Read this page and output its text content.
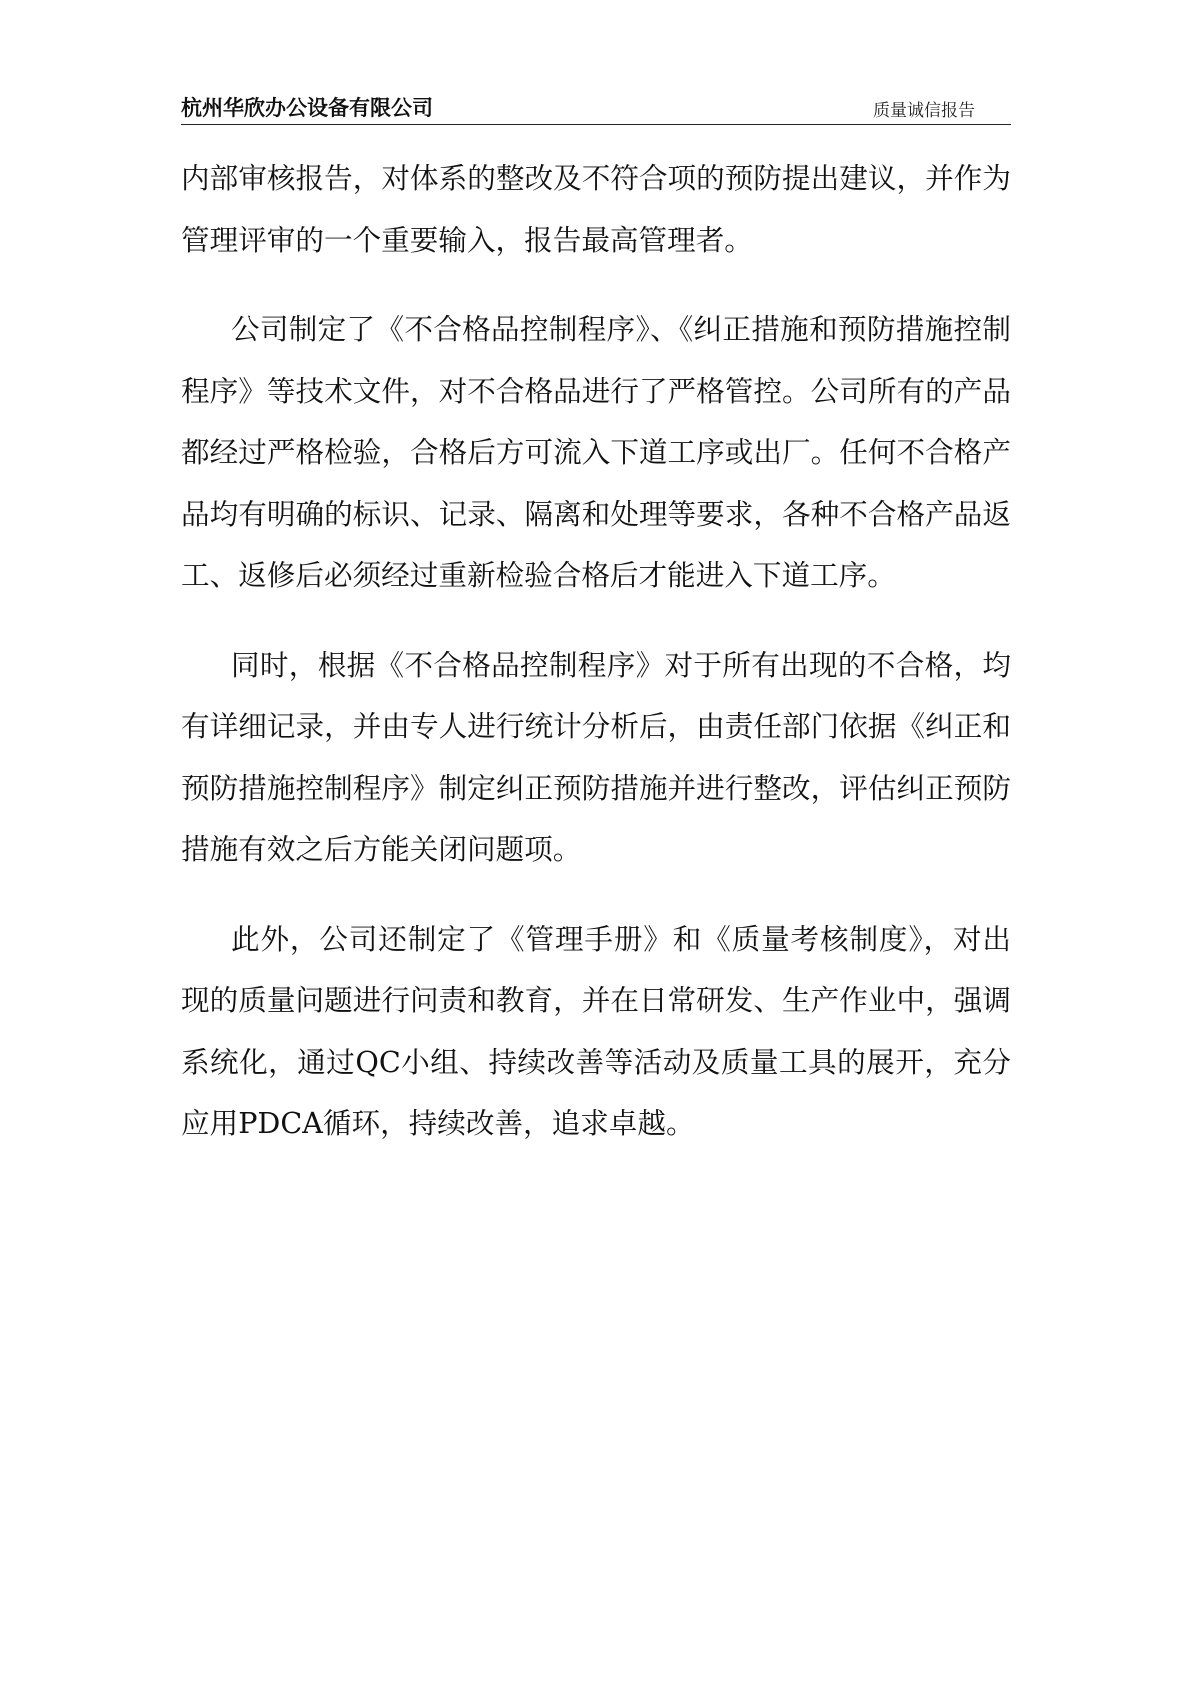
杭州华欣办公设备有限公司	质量诚信报告

内部审核报告，对体系的整改及不符合项的预防提出建议，并作为管理评审的一个重要输入，报告最高管理者。

公司制定了《不合格品控制程序》、《纠正措施和预防措施控制程序》等技术文件，对不合格品进行了严格管控。公司所有的产品都经过严格检验，合格后方可流入下道工序或出厂。任何不合格产品均有明确的标识、记录、隔离和处理等要求，各种不合格产品返工、返修后必须经过重新检验合格后才能进入下道工序。

同时，根据《不合格品控制程序》对于所有出现的不合格，均有详细记录，并由专人进行统计分析后，由责任部门依据《纠正和预防措施控制程序》制定纠正预防措施并进行整改，评估纠正预防措施有效之后方能关闭问题项。

此外，公司还制定了《管理手册》和《质量考核制度》，对出现的质量问题进行问责和教育，并在日常研发、生产作业中，强调系统化，通过QC小组、持续改善等活动及质量工具的展开，充分应用PDCA循环，持续改善，追求卓越。
